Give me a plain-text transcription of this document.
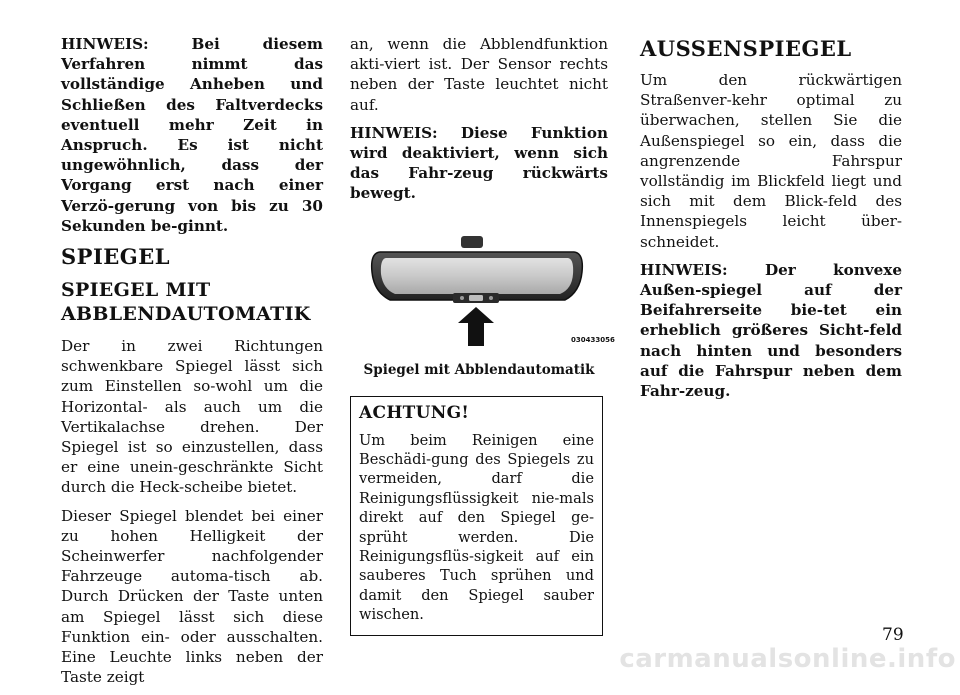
HINWEIS: Bei diesem Verfahren nimmt das vollständige Anheben und Schließen des Faltverdecks eventuell mehr Zeit in Anspruch. Es ist nicht ungewöhnlich, dass der Vorgang erst nach einer Verzö-gerung von bis zu 30 Sekunden be-ginnt.

SPIEGEL
SPIEGEL MIT
ABBLENDAUTOMATIK

Der in zwei Richtungen schwenkbare Spiegel lässt sich zum Einstellen so-wohl um die Horizontal- als auch um die Vertikalachse drehen. Der Spiegel ist so einzustellen, dass er eine unein-geschränkte Sicht durch die Heck-scheibe bietet.

Dieser Spiegel blendet bei einer zu hohen Helligkeit der Scheinwerfer nachfolgender Fahrzeuge automa-tisch ab. Durch Drücken der Taste unten am Spiegel lässt sich diese Funktion ein- oder ausschalten. Eine Leuchte links neben der Taste zeigt

an, wenn die Abblendfunktion akti-viert ist. Der Sensor rechts neben der Taste leuchtet nicht auf.

HINWEIS: Diese Funktion wird deaktiviert, wenn sich das Fahr-zeug rückwärts bewegt.

030433056
Spiegel mit Abblendautomatik
ACHTUNG!

Um beim Reinigen eine Beschädi-gung des Spiegels zu vermeiden, darf die Reinigungsflüssigkeit nie-mals direkt auf den Spiegel ge-sprüht werden. Die Reinigungsflüs-sigkeit auf ein sauberes Tuch sprühen und damit den Spiegel sauber wischen.

AUSSENSPIEGEL

Um den rückwärtigen Straßenver-kehr optimal zu überwachen, stellen Sie die Außenspiegel so ein, dass die angrenzende Fahrspur vollständig im Blickfeld liegt und sich mit dem Blick-feld des Innenspiegels leicht über-schneidet.

HINWEIS: Der konvexe Außen-spiegel auf der Beifahrerseite bie-tet ein erheblich größeres Sicht-feld nach hinten und besonders auf die Fahrspur neben dem Fahr-zeug.

79
carmanualsonline.info
